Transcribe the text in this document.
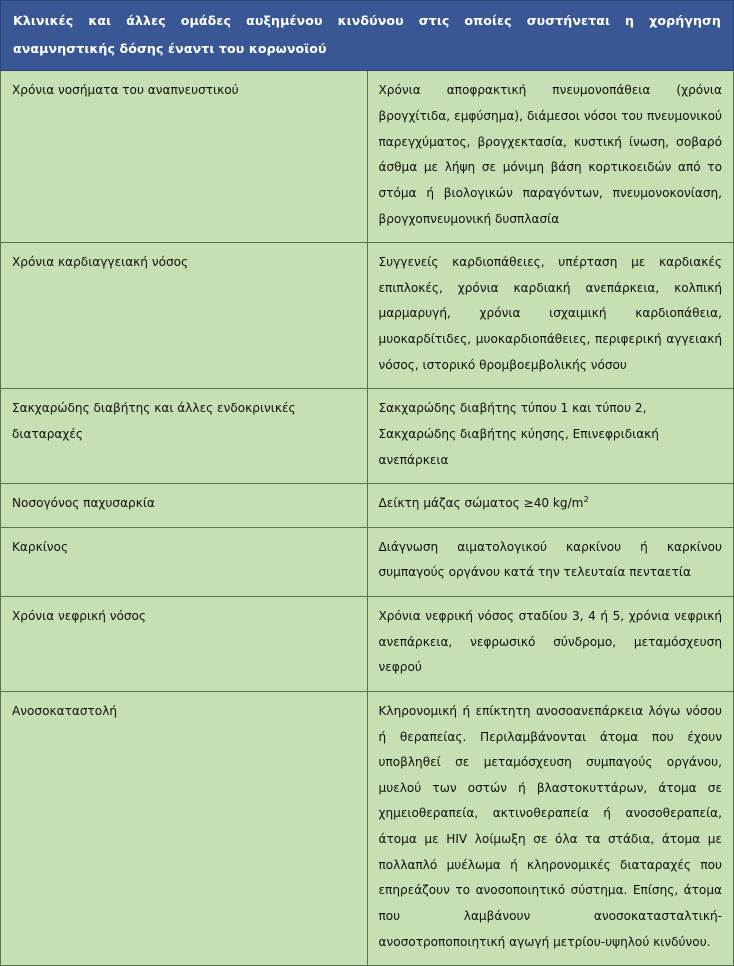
Κλινικές και άλλες ομάδες αυξημένου κινδύνου στις οποίες συστήνεται η χορήγηση αναμνηστικής δόσης έναντι του κορωνοϊού	

Χρόνια νοσήματα του αναπνευστικού	Χρόνια αποφρακτική πνευμονοπάθεια (χρόνια βρογχίτιδα, εμφύσημα), διάμεσοι νόσοι του πνευμονικού παρεγχύματος, βρογχεκτασία, κυστική ίνωση, σοβαρό άσθμα με λήψη σε μόνιμη βάση κορτικοειδών από το στόμα ή βιολογικών παραγόντων, πνευμονοκονίαση, βρογχοπνευμονική δυσπλασία

Χρόνια καρδιαγγειακή νόσος	Συγγενείς καρδιοπάθειες, υπέρταση με καρδιακές επιπλοκές, χρόνια καρδιακή ανεπάρκεια, κολπική μαρμαρυγή, χρόνια ισχαιμική καρδιοπάθεια, μυοκαρδίτιδες, μυοκαρδιοπάθειες, περιφερική αγγειακή νόσος, ιστορικό θρομβοεμβολικής νόσου

Σακχαρώδης διαβήτης και άλλες ενδοκρινικές διαταραχές	Σακχαρώδης διαβήτης τύπου 1 και τύπου 2, Σακχαρώδης διαβήτης κύησης, Επινεφριδιακή ανεπάρκεια

Νοσογόνος παχυσαρκία	Δείκτη μάζας σώματος ≥40 $kg/m^2$

Καρκίνος	Διάγνωση αιματολογικού καρκίνου ή καρκίνου συμπαγούς οργάνου κατά την τελευταία πενταετία

Χρόνια νεφρική νόσος	Χρόνια νεφρική νόσος σταδίου 3, 4 ή 5, χρόνια νεφρική ανεπάρκεια, νεφρωσικό σύνδρομο, μεταμόσχευση νεφρού

Ανοσοκαταστολή	Κληρονομική ή επίκτητη ανοσοανεπάρκεια λόγω νόσου ή θεραπείας. Περιλαμβάνονται άτομα που έχουν υποβληθεί σε μεταμόσχευση συμπαγούς οργάνου, μυελού των οστών ή βλαστοκυττάρων, άτομα σε χημειοθεραπεία, ακτινοθεραπεία ή ανοσοθεραπεία, άτομα με HIV λοίμωξη σε όλα τα στάδια, άτομα με πολλαπλό μυέλωμα ή κληρονομικές διαταραχές που επηρεάζουν το ανοσοποιητικό σύστημα. Επίσης, άτομα που λαμβάνουν ανοσοκατασταλτική- ανοσοτροποποιητική αγωγή μετρίου-υψηλού κινδύνου.
